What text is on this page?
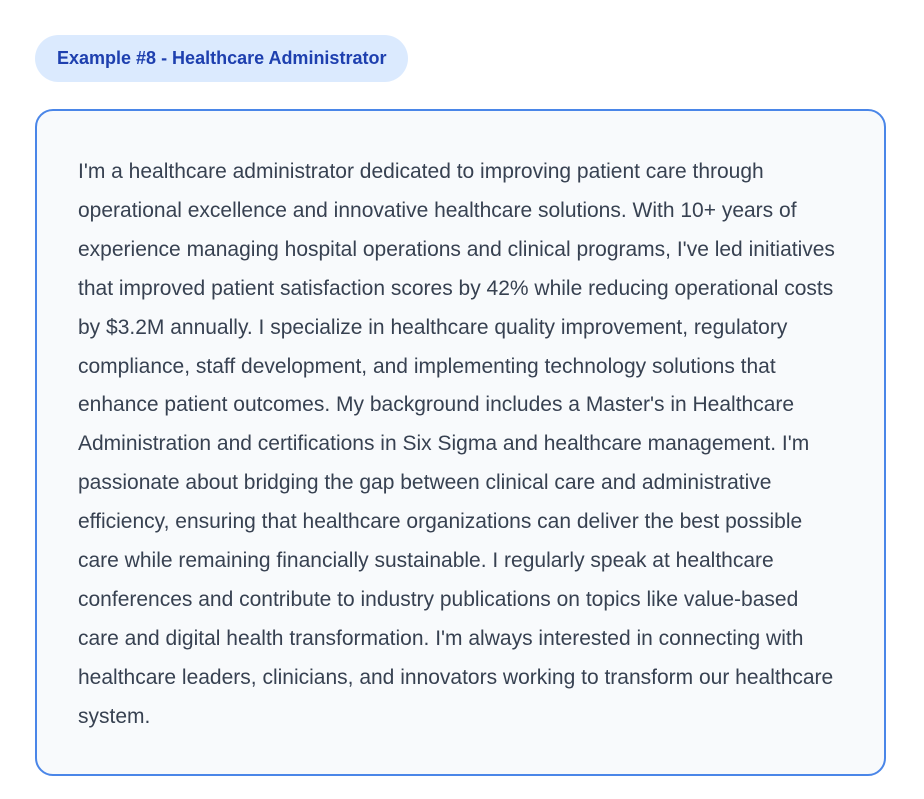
Example #8 - Healthcare Administrator

I'm a healthcare administrator dedicated to improving patient care through operational excellence and innovative healthcare solutions. With 10+ years of experience managing hospital operations and clinical programs, I've led initiatives that improved patient satisfaction scores by 42% while reducing operational costs by $3.2M annually. I specialize in healthcare quality improvement, regulatory compliance, staff development, and implementing technology solutions that enhance patient outcomes. My background includes a Master's in Healthcare Administration and certifications in Six Sigma and healthcare management. I'm passionate about bridging the gap between clinical care and administrative efficiency, ensuring that healthcare organizations can deliver the best possible care while remaining financially sustainable. I regularly speak at healthcare conferences and contribute to industry publications on topics like value-based care and digital health transformation. I'm always interested in connecting with healthcare leaders, clinicians, and innovators working to transform our healthcare system.
